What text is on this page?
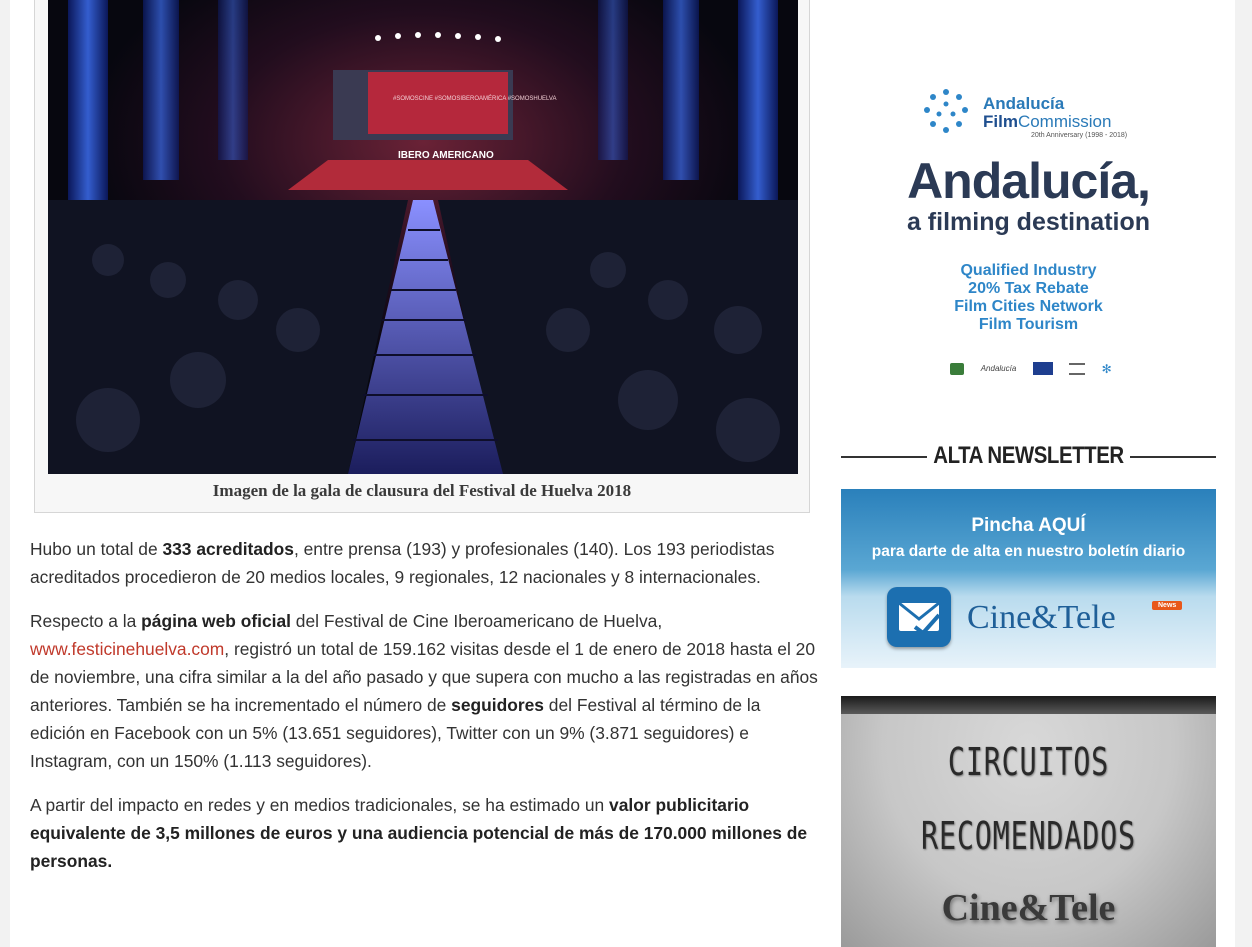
#SOMOSCINE #SOMOSIBEROAMÉRICA #SOMOSHUELVA
IBERO AMERICANO
Imagen de la gala de clausura del Festival de Huelva 2018

Hubo un total de 333 acreditados, entre prensa (193) y profesionales (140). Los 193 periodistas acreditados procedieron de 20 medios locales, 9 regionales, 12 nacionales y 8 internacionales.

Respecto a la página web oficial del Festival de Cine Iberoamericano de Huelva, www.festicinehuelva.com, registró un total de 159.162 visitas desde el 1 de enero de 2018 hasta el 20 de noviembre, una cifra similar a la del año pasado y que supera con mucho a las registradas en años anteriores. También se ha incrementado el número de seguidores del Festival al término de la edición en Facebook con un 5% (13.651 seguidores), Twitter con un 9% (3.871 seguidores) e Instagram, con un 150% (1.113 seguidores).

A partir del impacto en redes y en medios tradicionales, se ha estimado un valor publicitario equivalente de 3,5 millones de euros y una audiencia potencial de más de 170.000 millones de personas.

Andalucía
FilmCommission
20th Anniversary (1998 - 2018)
Andalucía,
a filming destination
Qualified Industry
20% Tax Rebate
Film Cities Network
Film Tourism
Andalucía	✻
ALTA NEWSLETTER
Pincha AQUÍ
para darte de alta en nuestro boletín diario
Cine&Tele	News
CIRCUITOS
RECOMENDADOS
Cine&Tele
